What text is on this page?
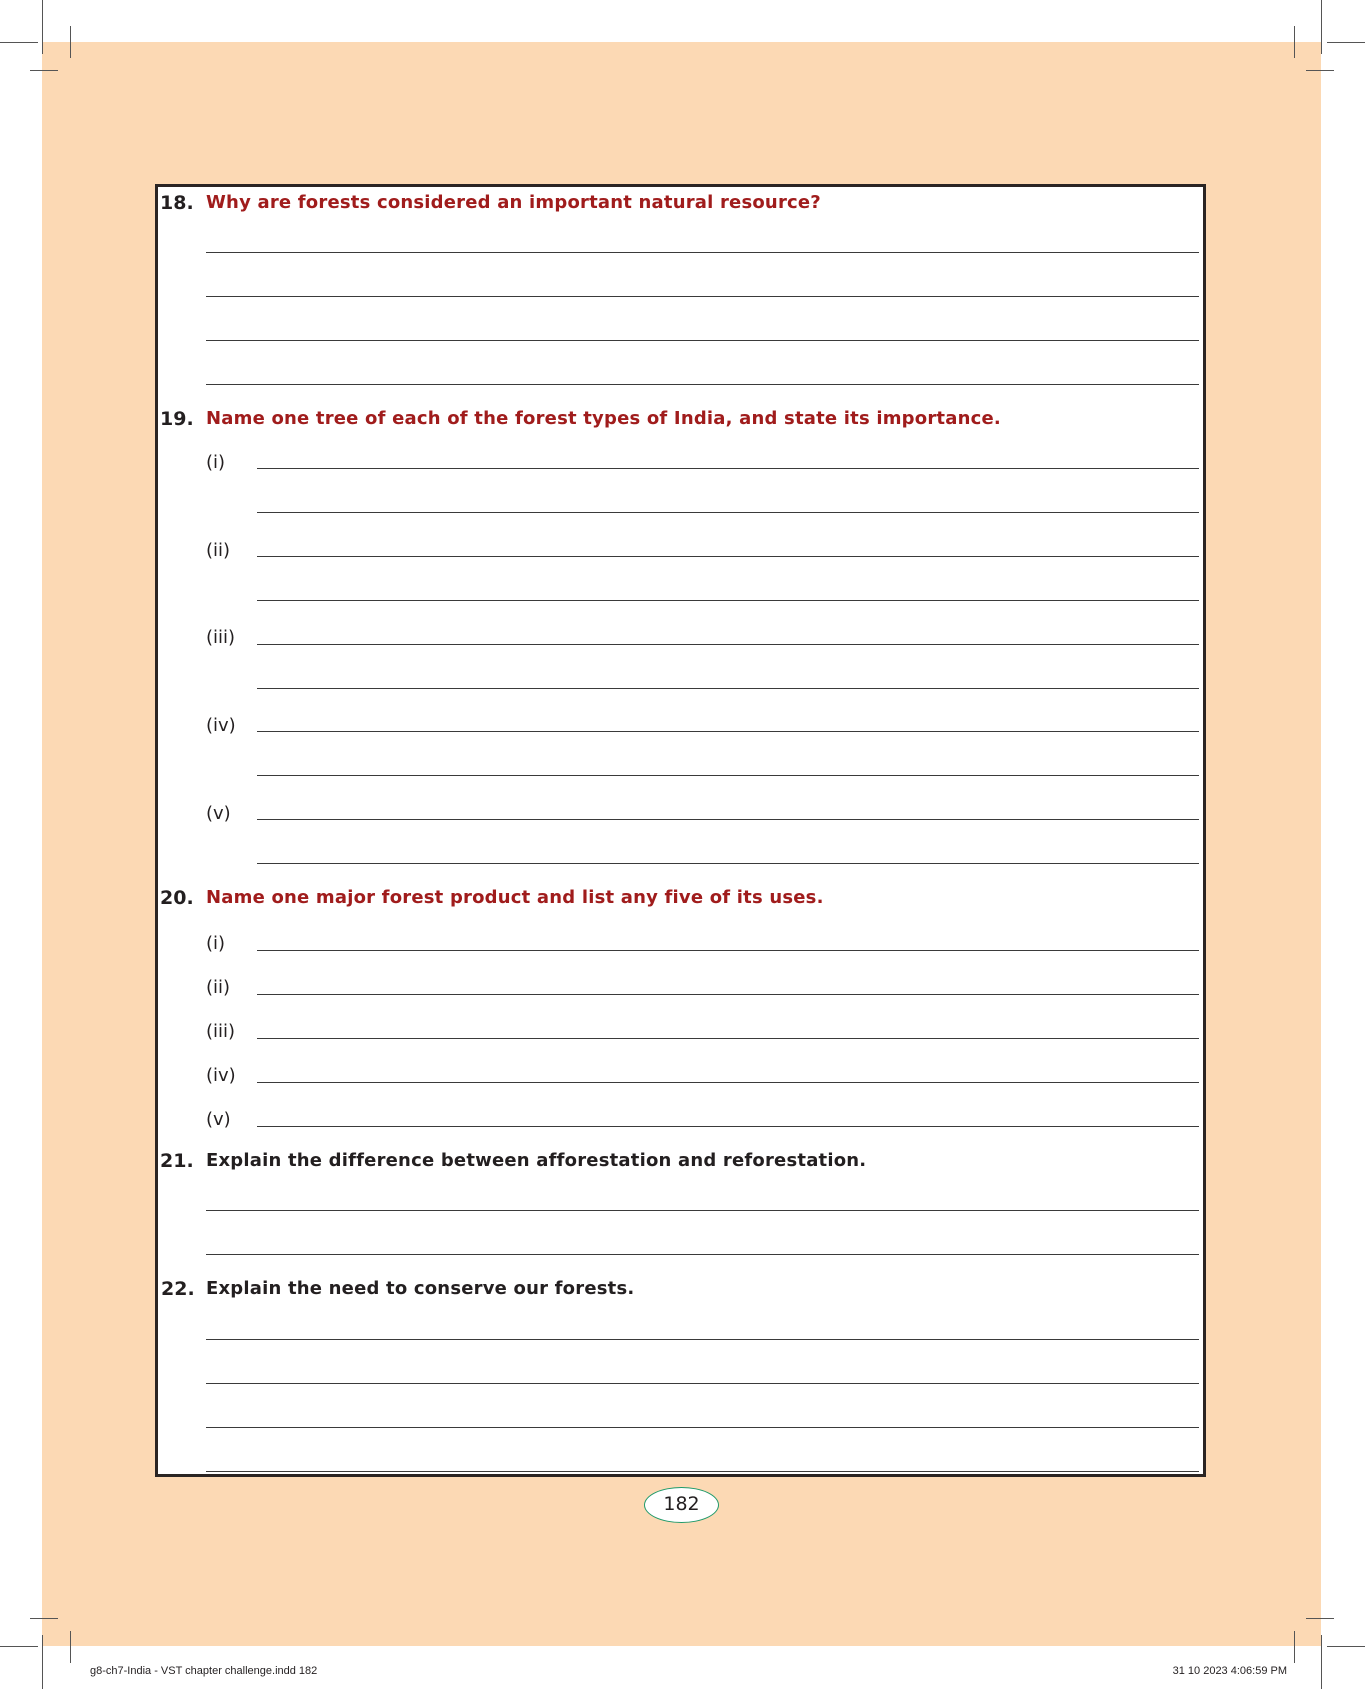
18. Why are forests considered an important natural resource?
19. Name one tree of each of the forest types of India, and state its importance.
(i)
(ii)
(iii)
(iv)
(v)
20. Name one major forest product and list any five of its uses.
(i)
(ii)
(iii)
(iv)
(v)
21. Explain the difference between afforestation and reforestation.
22. Explain the need to conserve our forests.
182
g8-ch7-India - VST chapter challenge.indd 182	31 10 2023 4:06:59 PM
